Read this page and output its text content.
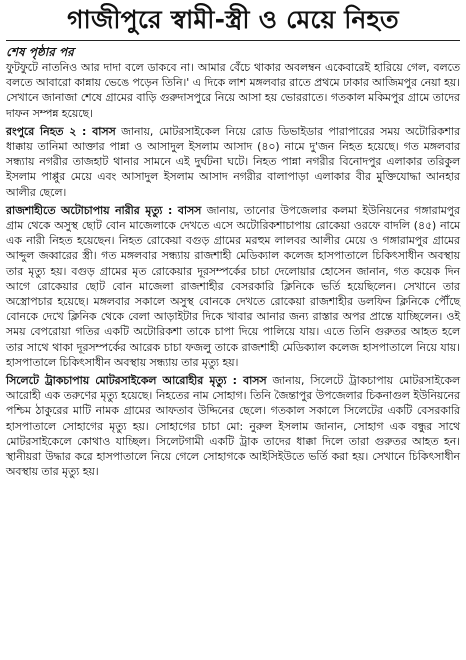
গাজীপুরে স্বামী-স্ত্রী ও মেয়ে নিহত
শেষ পৃষ্ঠার পর

ফুটফুটে নাতনিও আর দাদা বলে ডাকবে না। আমার বেঁচে থাকার অবলম্বন একেবারেই হারিয়ে গেল, বলতে বলতে আবারো কান্নায় ভেঙে পড়েন তিনি।' এ দিকে লাশ মঙ্গলবার রাতে প্রথমে ঢাকার আজিমপুর নেয়া হয়। সেখানে জানাজা শেষে গ্রামের বাড়ি গুরুদাসপুরে নিয়ে আসা হয় ভোররাতে। গতকাল মকিমপুর গ্রামে তাদের দাফন সম্পন্ন হয়েছে।

রংপুরে নিহত ২ : বাসস জানায়, মোটরসাইকেল নিয়ে রোড ডিভাইডার পারাপারের সময় অটোরিকশার ধাক্কায় তানিমা আক্তার পান্না ও আসাদুল ইসলাম আসাদ (৪০) নামে দু'জন নিহত হয়েছে। গত মঙ্গলবার সন্ধ্যায় নগরীর তাজহাট থানার সামনে এই দুর্ঘটনা ঘটে। নিহত পান্না নগরীর বিনোদপুর এলাকার তরিকুল ইসলাম পাপ্পুর মেয়ে এবং আসাদুল ইসলাম আসাদ নগরীর বালাপাড়া এলাকার বীর মুক্তিযোদ্ধা আনহার আলীর ছেলে।

রাজশাহীতে অটোচাপায় নারীর মৃত্যু : বাসস জানায়, তানোর উপজেলার কলমা ইউনিয়নের গঙ্গারামপুর গ্রাম থেকে অসুস্থ ছোট বোন মাজেলাকে দেখতে এসে অটোরিকশাচাপায় রোকেয়া ওরফে বাদলি (৪৫) নামে এক নারী নিহত হয়েছেন। নিহত রোকেয়া বগুড় গ্রামের মরহুম লালবর আলীর মেয়ে ও গঙ্গারামপুর গ্রামের আব্দুল জব্বারের স্ত্রী। গত মঙ্গলবার সন্ধ্যায় রাজশাহী মেডিক্যাল কলেজ হাসপাতালে চিকিৎসাধীন অবস্থায় তার মৃত্যু হয়। বগুড় গ্রামের মৃত রোকেয়ার দূরসম্পর্কের চাচা দেলোয়ার হোসেন জানান, গত কয়েক দিন আগে রোকেয়ার ছোট বোন মাজেলা রাজশাহীর বেসরকারি ক্লিনিকে ভর্তি হয়েছিলেন। সেখানে তার অস্ত্রোপচার হয়েছে। মঙ্গলবার সকালে অসুস্থ বোনকে দেখতে রোকেয়া রাজশাহীর ডলফিন ক্লিনিকে পৌঁছে বোনকে দেখে ক্লিনিক থেকে বেলা আড়াইটার দিকে খাবার আনার জন্য রাস্তার অপর প্রান্তে যাচ্ছিলেন। ওই সময় বেপরোয়া গতির একটি অটোরিকশা তাকে চাপা দিয়ে পালিয়ে যায়। এতে তিনি গুরুতর আহত হলে তার সাথে থাকা দূরসম্পর্কের আরেক চাচা ফজলু তাকে রাজশাহী মেডিক্যাল কলেজ হাসপাতালে নিয়ে যায়। হাসপাতালে চিকিৎসাধীন অবস্থায় সন্ধ্যায় তার মৃত্যু হয়।

সিলেটে ট্রাকচাপায় মোটরসাইকেল আরোহীর মৃত্যু : বাসস জানায়, সিলেটে ট্রাকচাপায় মোটরসাইকেল আরোহী এক তরুণের মৃত্যু হয়েছে। নিহতের নাম সোহাগ। তিনি জৈন্তাপুর উপজেলার চিকনাগুল ইউনিয়নের পশ্চিম ঠাকুরের মাটি নামক গ্রামের আফতাব উদ্দিনের ছেলে। গতকাল সকালে সিলেটের একটি বেসরকারি হাসপাতালে সোহাগের মৃত্যু হয়। সোহাগের চাচা মো: নুরুল ইসলাম জানান, সোহাগ এক বন্ধুর সাথে মোটরসাইকেলে কোথাও যাচ্ছিল। সিলেটগামী একটি ট্রাক তাদের ধাক্কা দিলে তারা গুরুতর আহত হন। স্থানীয়রা উদ্ধার করে হাসপাতালে নিয়ে গেলে সোহাগকে আইসিইউতে ভর্তি করা হয়। সেখানে চিকিৎসাধীন অবস্থায় তার মৃত্যু হয়।
